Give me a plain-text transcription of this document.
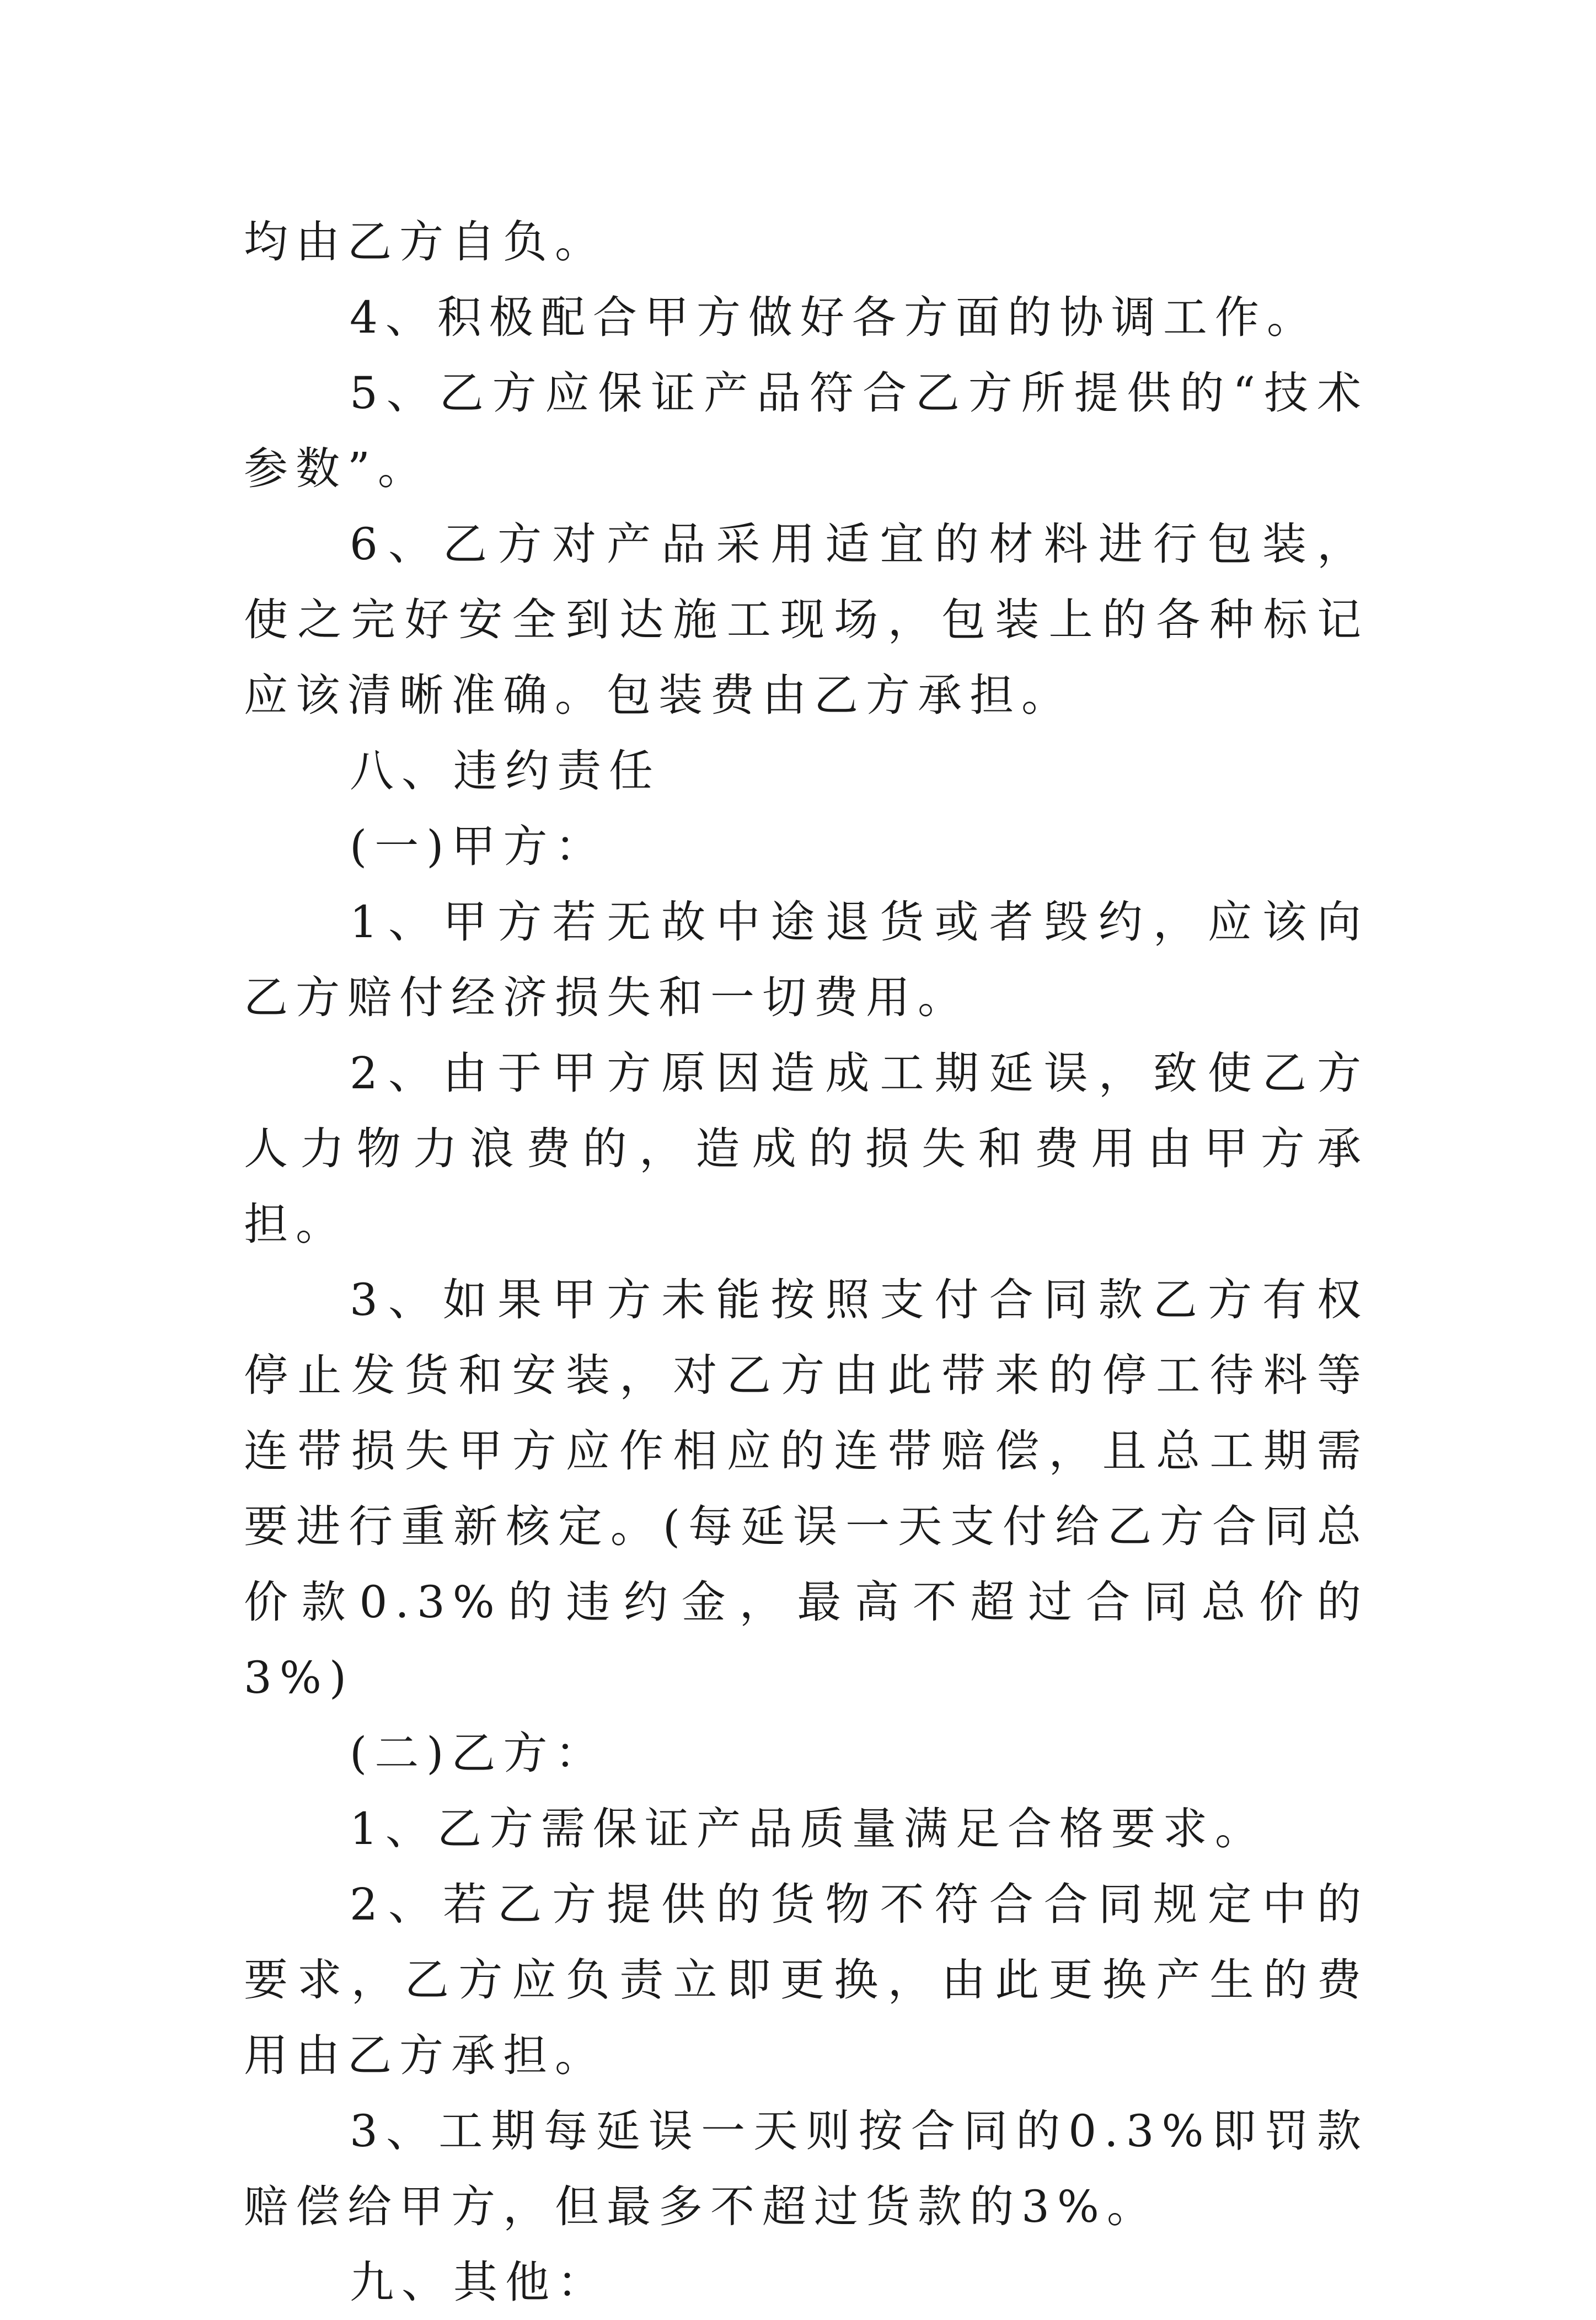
均由乙方自负。

4、积极配合甲方做好各方面的协调工作。

5、乙方应保证产品符合乙方所提供的“技术参数”。

6、乙方对产品采用适宜的材料进行包装，使之完好安全到达施工现场，包装上的各种标记应该清晰准确。包装费由乙方承担。

八、违约责任

(一)甲方：

1、甲方若无故中途退货或者毁约，应该向乙方赔付经济损失和一切费用。

2、由于甲方原因造成工期延误，致使乙方人力物力浪费的，造成的损失和费用由甲方承担。

3、如果甲方未能按照支付合同款乙方有权停止发货和安装，对乙方由此带来的停工待料等连带损失甲方应作相应的连带赔偿，且总工期需要进行重新核定。(每延误一天支付给乙方合同总价款0.3%的违约金，最高不超过合同总价的3%)

(二)乙方：

1、乙方需保证产品质量满足合格要求。

2、若乙方提供的货物不符合合同规定中的要求，乙方应负责立即更换，由此更换产生的费用由乙方承担。

3、工期每延误一天则按合同的0.3%即罚款赔偿给甲方，但最多不超过货款的3%。

九、其他：
